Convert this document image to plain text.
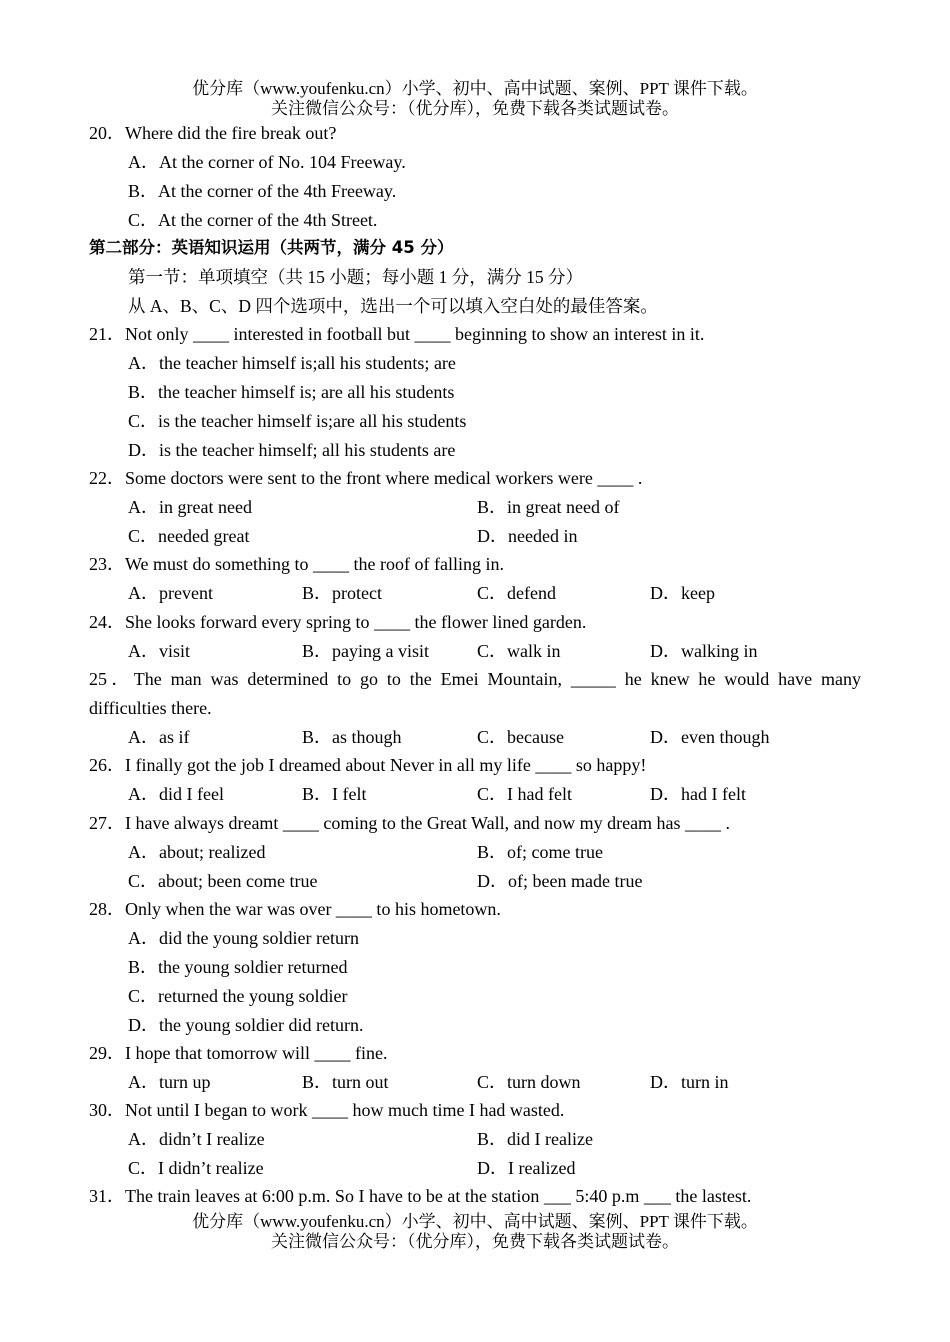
优分库（www.youfenku.cn）小学、初中、高中试题、案例、PPT 课件下载。
关注微信公众号：（优分库），免费下载各类试题试卷。
20．Where did the fire break out?
A．At the corner of No. 104 Freeway.
B．At the corner of the 4th Freeway.
C．At the corner of the 4th Street.
第二部分：英语知识运用（共两节，满分 45 分）
第一节：单项填空（共 15 小题；每小题 1 分，满分 15 分）
从 A、B、C、D 四个选项中，选出一个可以填入空白处的最佳答案。
21．Not only ____ interested in football but ____ beginning to show an interest in it.
A．the teacher himself is;all his students; are
B．the teacher himself is; are all his students
C．is the teacher himself is;are all his students
D．is the teacher himself; all his students are
22．Some doctors were sent to the front where medical workers were ____ .
A．in great need	B．in great need of
C．needed great	D．needed in
23．We must do something to ____ the roof of falling in.
A．prevent	B．protect	C．defend	D．keep
24．She looks forward every spring to ____ the flower lined garden.
A．visit	B．paying a visit	C．walk in	D．walking in
25．The man was determined to go to the Emei Mountain, _____ he knew he would have many
difficulties there.
A．as if	B．as though	C．because	D．even though
26．I finally got the job I dreamed about Never in all my life ____ so happy!
A．did I feel	B．I felt	C．I had felt	D．had I felt
27．I have always dreamt ____ coming to the Great Wall, and now my dream has ____ .
A．about; realized	B．of; come true
C．about; been come true	D．of; been made true
28．Only when the war was over ____ to his hometown.
A．did the young soldier return
B．the young soldier returned
C．returned the young soldier
D．the young soldier did return.
29．I hope that tomorrow will ____ fine.
A．turn up	B．turn out	C．turn down	D．turn in
30．Not until I began to work ____ how much time I had wasted.
A．didn’t I realize	B．did I realize
C．I didn’t realize	D．I realized
31．The train leaves at 6:00 p.m. So I have to be at the station ___ 5:40 p.m ___ the lastest.
优分库（www.youfenku.cn）小学、初中、高中试题、案例、PPT 课件下载。
关注微信公众号：（优分库），免费下载各类试题试卷。
